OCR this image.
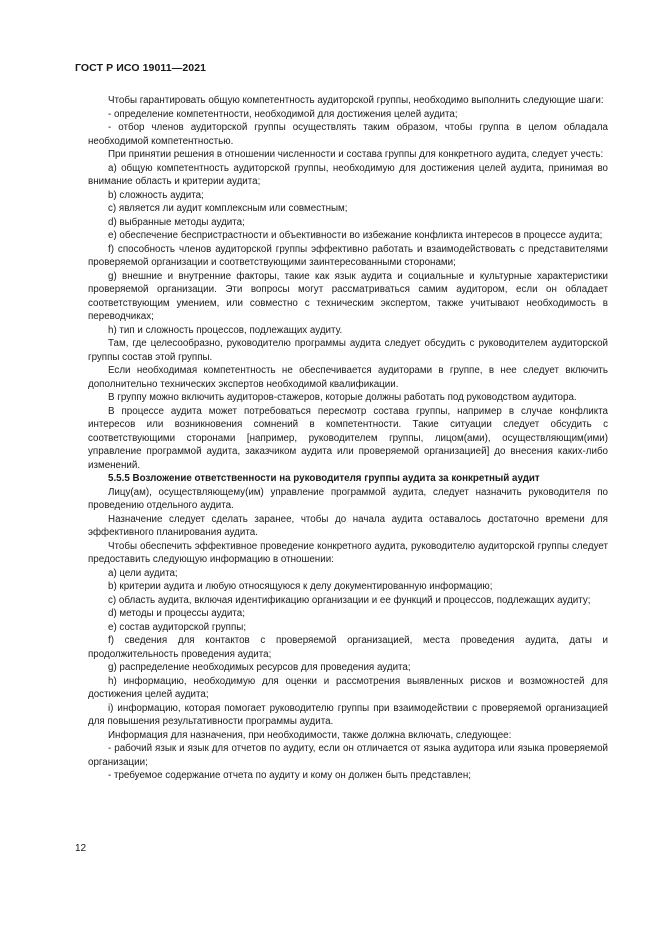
ГОСТ Р ИСО 19011—2021

Чтобы гарантировать общую компетентность аудиторской группы, необходимо выполнить следующие шаги:

- определение компетентности, необходимой для достижения целей аудита;

- отбор членов аудиторской группы осуществлять таким образом, чтобы группа в целом обладала необходимой компетентностью.

При принятии решения в отношении численности и состава группы для конкретного аудита, следует учесть:

a) общую компетентность аудиторской группы, необходимую для достижения целей аудита, принимая во внимание область и критерии аудита;

b) сложность аудита;

c) является ли аудит комплексным или совместным;

d) выбранные методы аудита;

e) обеспечение беспристрастности и объективности во избежание конфликта интересов в процессе аудита;

f) способность членов аудиторской группы эффективно работать и взаимодействовать с представителями проверяемой организации и соответствующими заинтересованными сторонами;

g) внешние и внутренние факторы, такие как язык аудита и социальные и культурные характеристики проверяемой организации. Эти вопросы могут рассматриваться самим аудитором, если он обладает соответствующим умением, или совместно с техническим экспертом, также учитывают необходимость в переводчиках;

h) тип и сложность процессов, подлежащих аудиту.

Там, где целесообразно, руководителю программы аудита следует обсудить с руководителем аудиторской группы состав этой группы.

Если необходимая компетентность не обеспечивается аудиторами в группе, в нее следует включить дополнительно технических экспертов необходимой квалификации.

В группу можно включить аудиторов-стажеров, которые должны работать под руководством аудитора.

В процессе аудита может потребоваться пересмотр состава группы, например в случае конфликта интересов или возникновения сомнений в компетентности. Такие ситуации следует обсудить с соответствующими сторонами [например, руководителем группы, лицом(ами), осуществляющим(ими) управление программой аудита, заказчиком аудита или проверяемой организацией] до внесения каких-либо изменений.

5.5.5 Возложение ответственности на руководителя группы аудита за конкретный аудит

Лицу(ам), осуществляющему(им) управление программой аудита, следует назначить руководителя по проведению отдельного аудита.

Назначение следует сделать заранее, чтобы до начала аудита оставалось достаточно времени для эффективного планирования аудита.

Чтобы обеспечить эффективное проведение конкретного аудита, руководителю аудиторской группы следует предоставить следующую информацию в отношении:

a) цели аудита;

b) критерии аудита и любую относящуюся к делу документированную информацию;

c) область аудита, включая идентификацию организации и ее функций и процессов, подлежащих аудиту;

d) методы и процессы аудита;

e) состав аудиторской группы;

f) сведения для контактов с проверяемой организацией, места проведения аудита, даты и продолжительность проведения аудита;

g) распределение необходимых ресурсов для проведения аудита;

h) информацию, необходимую для оценки и рассмотрения выявленных рисков и возможностей для достижения целей аудита;

i) информацию, которая помогает руководителю группы при взаимодействии с проверяемой организацией для повышения результативности программы аудита.

Информация для назначения, при необходимости, также должна включать, следующее:

- рабочий язык и язык для отчетов по аудиту, если он отличается от языка аудитора или языка проверяемой организации;

- требуемое содержание отчета по аудиту и кому он должен быть представлен;

12
